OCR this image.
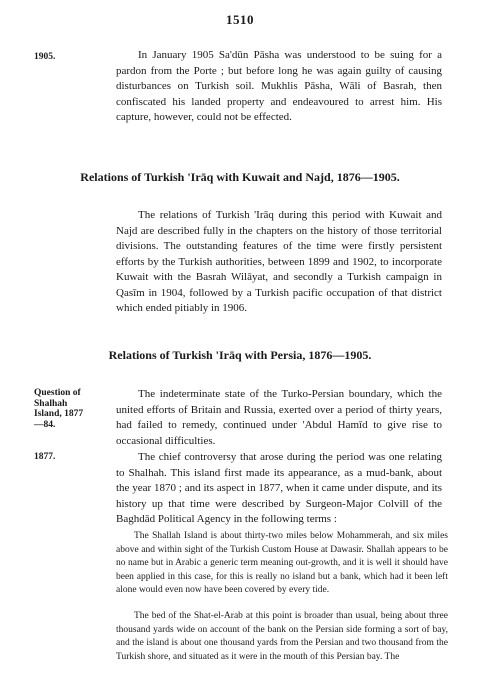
1510
1905.	In January 1905 Sa'dūn Pāsha was understood to be suing for a pardon from the Porte ; but before long he was again guilty of causing disturbances on Turkish soil. Mukhlis Pāsha, Wāli of Basrah, then confiscated his landed property and endeavoured to arrest him. His capture, however, could not be effected.
Relations of Turkish 'Irāq with Kuwait and Najd, 1876—1905.
The relations of Turkish 'Irāq during this period with Kuwait and Najd are described fully in the chapters on the history of those territorial divisions. The outstanding features of the time were firstly persistent efforts by the Turkish authorities, between 1899 and 1902, to incorporate Kuwait with the Basrah Wilāyat, and secondly a Turkish campaign in Qasīm in 1904, followed by a Turkish pacific occupation of that district which ended pitiably in 1906.
Relations of Turkish 'Irāq with Persia, 1876—1905.
Question of Shalhah Island, 1877—84.
The indeterminate state of the Turko-Persian boundary, which the united efforts of Britain and Russia, exerted over a period of thirty years, had failed to remedy, continued under 'Abdul Hamīd to give rise to occasional difficulties.
1877.	The chief controversy that arose during the period was one relating to Shalhah. This island first made its appearance, as a mud-bank, about the year 1870 ; and its aspect in 1877, when it came under dispute, and its history up that time were described by Surgeon-Major Colvill of the Baghdād Political Agency in the following terms :
The Shallah Island is about thirty-two miles below Mohammerah, and six miles above and within sight of the Turkish Custom House at Dawasir. Shallah appears to be no name but in Arabic a generic term meaning out-growth, and it is well it should have been applied in this case, for this is really no island but a bank, which had it been left alone would even now have been covered by every tide.
The bed of the Shat-el-Arab at this point is broader than usual, being about three thousand yards wide on account of the bank on the Persian side forming a sort of bay, and the island is about one thousand yards from the Persian and two thousand from the Turkish shore, and situated as it were in the mouth of this Persian bay. The
